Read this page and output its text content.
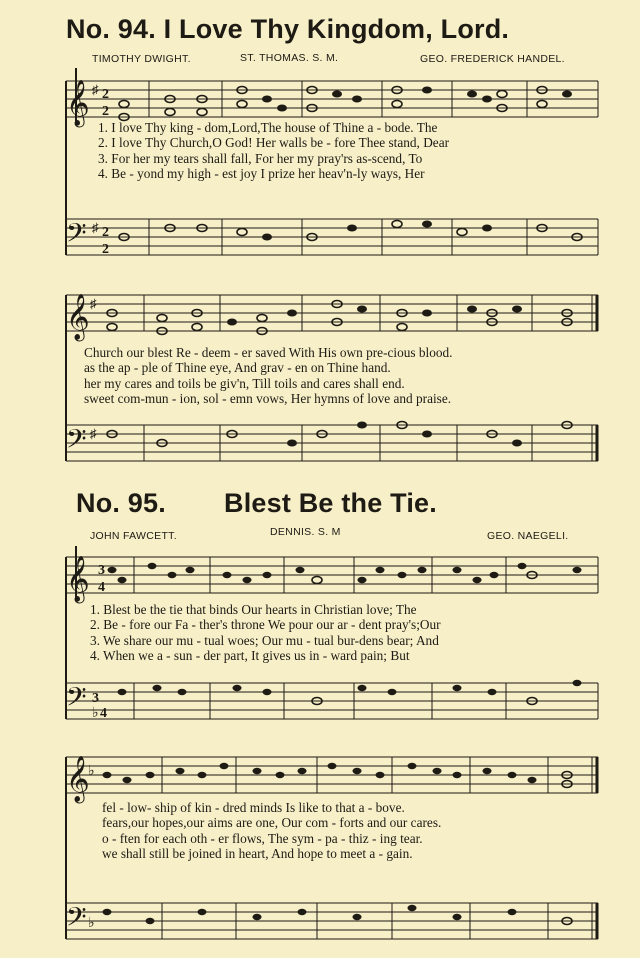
No. 94. I Love Thy Kingdom, Lord.
TIMOTHY DWIGHT.	ST. THOMAS. S. M.	GEO. FREDERICK HANDEL.
𝄞
𝄢
♯
♯
2
2
2
2
1. I love Thy king - dom,Lord,The house of Thine a - bode. The
2. I love Thy Church,O God! Her walls be - fore Thee stand, Dear
3. For her my tears shall fall, For her my pray'rs as-scend, To
4. Be - yond my high - est joy I prize her heav'n-ly ways, Her
𝄞
𝄢
♯
♯
Church our blest Re - deem - er saved With His own pre-cious blood.
as the ap - ple of Thine eye, And grav - en on Thine hand.
her my cares and toils be giv'n, Till toils and cares shall end.
sweet com-mun - ion, sol - emn vows, Her hymns of love and praise.
No. 95. Blest Be the Tie.
JOHN FAWCETT.	DENNIS. S. M	GEO. NAEGELI.
𝄞
𝄢
3
4
3
♭ 4
1. Blest be the tie that binds Our hearts in Christian love; The
2. Be - fore our Fa - ther's throne We pour our ar - dent pray's;Our
3. We share our mu - tual woes; Our mu - tual bur-dens bear; And
4. When we a - sun - der part, It gives us in - ward pain; But
𝄞
𝄢
♭
♭
fel - low- ship of kin - dred minds Is like to that a - bove.
fears,our hopes,our aims are one, Our com - forts and our cares.
o - ften for each oth - er flows, The sym - pa - thiz - ing tear.
we shall still be joined in heart, And hope to meet a - gain.
